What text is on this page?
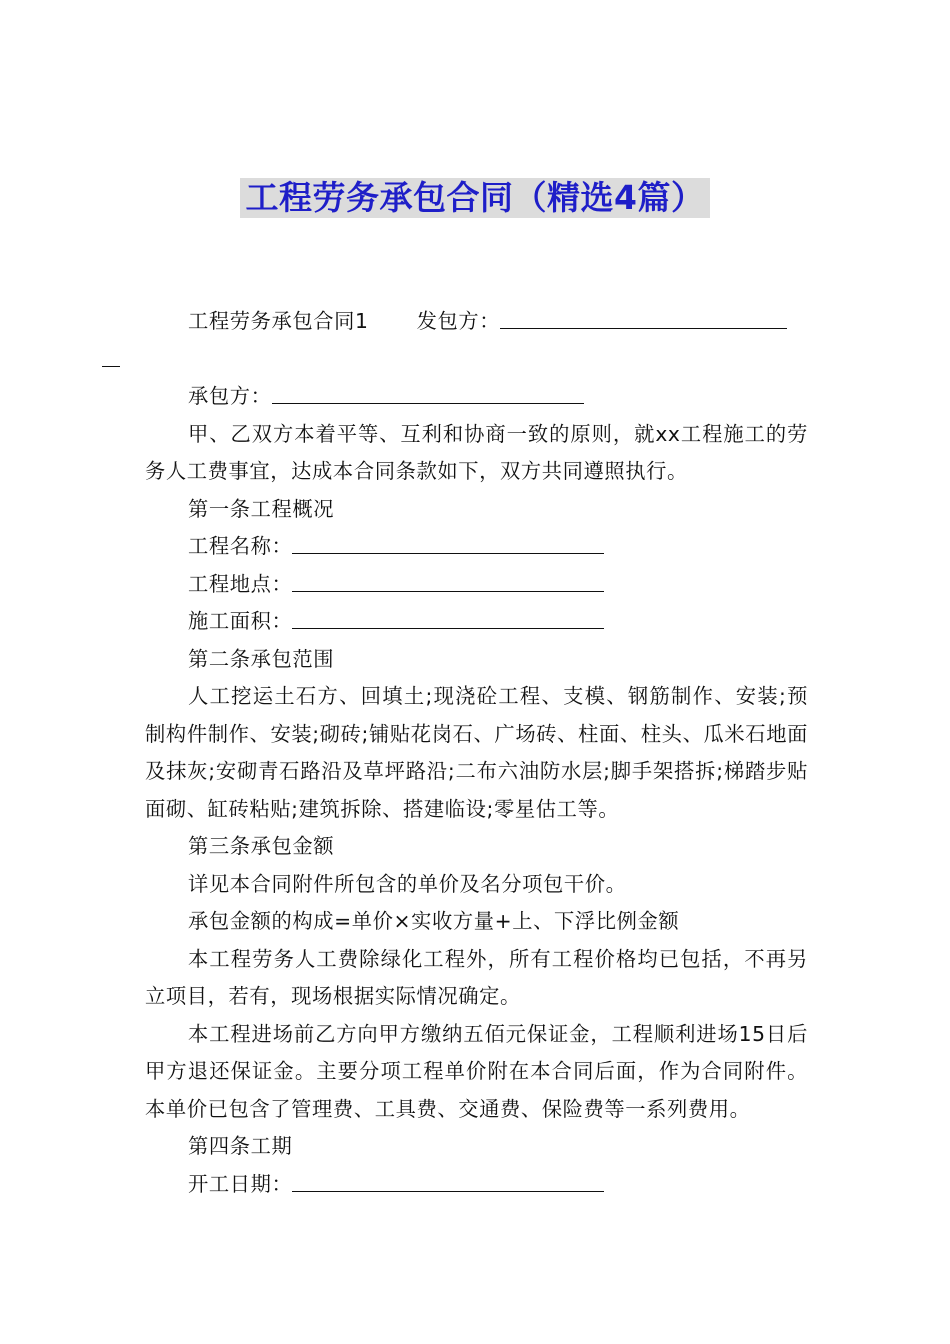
工程劳务承包合同（精选4篇）

工程劳务承包合同1 发包方：

承包方：

甲、乙双方本着平等、互利和协商一致的原则，就xx工程施工的劳务人工费事宜，达成本合同条款如下，双方共同遵照执行。

第一条工程概况

工程名称：

工程地点：

施工面积：

第二条承包范围

人工挖运土石方、回填土;现浇砼工程、支模、钢筋制作、安装;预制构件制作、安装;砌砖;铺贴花岗石、广场砖、柱面、柱头、瓜米石地面及抹灰;安砌青石路沿及草坪路沿;二布六油防水层;脚手架搭拆;梯踏步贴面砌、缸砖粘贴;建筑拆除、搭建临设;零星估工等。

第三条承包金额

详见本合同附件所包含的单价及名分项包干价。

承包金额的构成=单价×实收方量+上、下浮比例金额

本工程劳务人工费除绿化工程外，所有工程价格均已包括，不再另立项目，若有，现场根据实际情况确定。

本工程进场前乙方向甲方缴纳五佰元保证金，工程顺利进场15日后甲方退还保证金。主要分项工程单价附在本合同后面，作为合同附件。本单价已包含了管理费、工具费、交通费、保险费等一系列费用。

第四条工期

开工日期：
